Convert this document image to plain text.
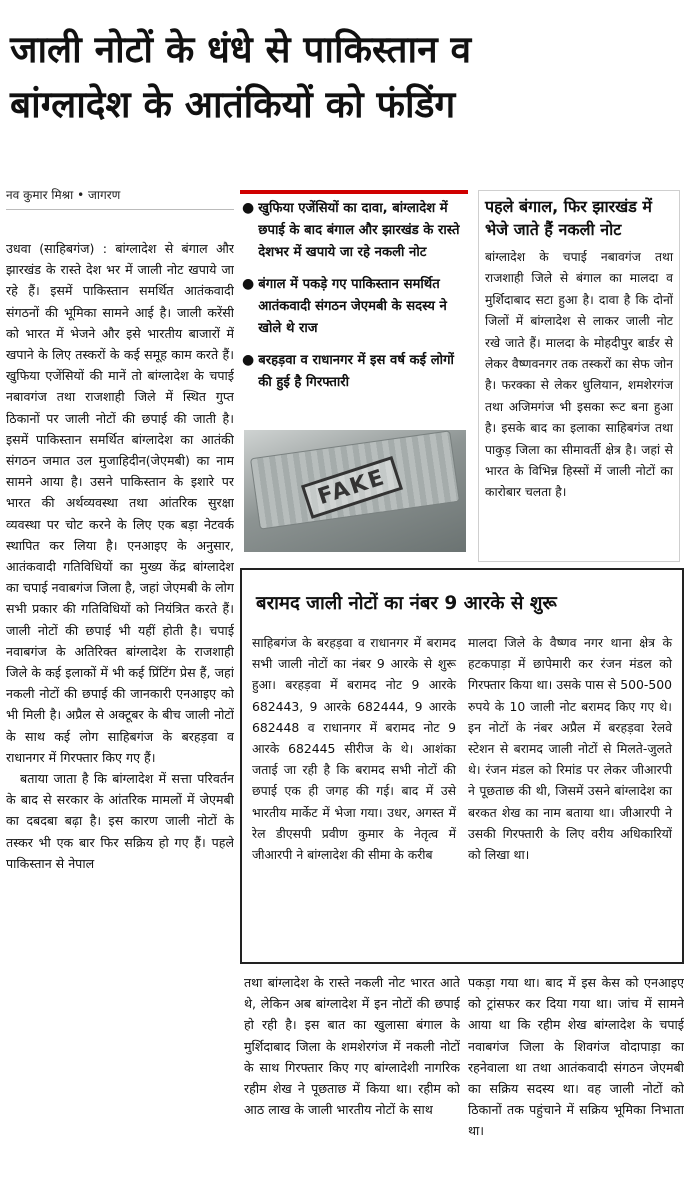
जाली नोटों के धंधे से पाकिस्तान व
बांग्लादेश के आतंकियों को फंडिंग
नव कुमार मिश्रा • जागरण

उधवा (साहिबगंज) : बांग्लादेश से बंगाल और झारखंड के रास्ते देश भर में जाली नोट खपाये जा रहे हैं। इसमें पाकिस्तान समर्थित आतंकवादी संगठनों की भूमिका सामने आई है। जाली करेंसी को भारत में भेजने और इसे भारतीय बाजारों में खपाने के लिए तस्करों के कई समूह काम करते हैं। खुफिया एजेंसियों की मानें तो बांग्लादेश के चपाई नबावगंज तथा राजशाही जिले में स्थित गुप्त ठिकानों पर जाली नोटों की छपाई की जाती है। इसमें पाकिस्तान समर्थित बांग्लादेश का आतंकी संगठन जमात उल मुजाहिदीन(जेएमबी) का नाम सामने आया है। उसने पाकिस्तान के इशारे पर भारत की अर्थव्यवस्था तथा आंतरिक सुरक्षा व्यवस्था पर चोट करने के लिए एक बड़ा नेटवर्क स्थापित कर लिया है। एनआइए के अनुसार, आतंकवादी गतिविधियों का मुख्य केंद्र बांग्लादेश का चपाई नवाबगंज जिला है, जहां जेएमबी के लोग सभी प्रकार की गतिविधियों को नियंत्रित करते हैं। जाली नोटों की छपाई भी यहीं होती है। चपाई नवाबगंज के अतिरिक्त बांग्लादेश के राजशाही जिले के कई इलाकों में भी कई प्रिंटिंग प्रेस हैं, जहां नकली नोटों की छपाई की जानकारी एनआइए को भी मिली है। अप्रैल से अक्टूबर के बीच जाली नोटों के साथ कई लोग साहिबगंज के बरहड़वा व राधानगर में गिरफ्तार किए गए हैं।

बताया जाता है कि बांग्लादेश में सत्ता परिवर्तन के बाद से सरकार के आंतरिक मामलों में जेएमबी का दबदबा बढ़ा है। इस कारण जाली नोटों के तस्कर भी एक बार फिर सक्रिय हो गए हैं। पहले पाकिस्तान से नेपाल

● खुफिया एजेंसियों का दावा, बांग्लादेश में छपाई के बाद बंगाल और झारखंड के रास्ते देशभर में खपाये जा रहे नकली नोट
● बंगाल में पकड़े गए पाकिस्तान समर्थित आतंकवादी संगठन जेएमबी के सदस्य ने खोले थे राज
● बरहड़वा व राधानगर में इस वर्ष कई लोगों की हुई है गिरफ्तारी
FAKE
पहले बंगाल, फिर झारखंड में भेजे जाते हैं नकली नोट
बांग्लादेश के चपाई नबावगंज तथा राजशाही जिले से बंगाल का मालदा व मुर्शिदाबाद सटा हुआ है। दावा है कि दोनों जिलों में बांग्लादेश से लाकर जाली नोट रखे जाते हैं। मालदा के मोहदीपुर बार्डर से लेकर वैष्णवनगर तक तस्करों का सेफ जोन है। फरक्का से लेकर धुलियान, शमशेरगंज तथा अजिमगंज भी इसका रूट बना हुआ है। इसके बाद का इलाका साहिबगंज तथा पाकुड़ जिला का सीमावर्ती क्षेत्र है। जहां से भारत के विभिन्न हिस्सों में जाली नोटों का कारोबार चलता है।
बरामद जाली नोटों का नंबर 9 आरके से शुरू
साहिबगंज के बरहड़वा व राधानगर में बरामद सभी जाली नोटों का नंबर 9 आरके से शुरू हुआ। बरहड़वा में बरामद नोट 9 आरके 682443, 9 आरके 682444, 9 आरके 682448 व राधानगर में बरामद नोट 9 आरके 682445 सीरीज के थे। आशंका जताई जा रही है कि बरामद सभी नोटों की छपाई एक ही जगह की गई। बाद में उसे भारतीय मार्केट में भेजा गया। उधर, अगस्त में रेल डीएसपी प्रवीण कुमार के नेतृत्व में जीआरपी ने बांग्लादेश की सीमा के करीब
मालदा जिले के वैष्णव नगर थाना क्षेत्र के हटकपाड़ा में छापेमारी कर रंजन मंडल को गिरफ्तार किया था। उसके पास से 500-500 रुपये के 10 जाली नोट बरामद किए गए थे। इन नोटों के नंबर अप्रैल में बरहड़वा रेलवे स्टेशन से बरामद जाली नोटों से मिलते-जुलते थे। रंजन मंडल को रिमांड पर लेकर जीआरपी ने पूछताछ की थी, जिसमें उसने बांग्लादेश का बरकत शेख का नाम बताया था। जीआरपी ने उसकी गिरफ्तारी के लिए वरीय अधिकारियों को लिखा था।
तथा बांग्लादेश के रास्ते नकली नोट भारत आते थे, लेकिन अब बांग्लादेश में इन नोटों की छपाई हो रही है। इस बात का खुलासा बंगाल के मुर्शिदाबाद जिला के शमशेरगंज में नकली नोटों के साथ गिरफ्तार किए गए बांग्लादेशी नागरिक रहीम शेख ने पूछताछ में किया था। रहीम को आठ लाख के जाली भारतीय नोटों के साथ
पकड़ा गया था। बाद में इस केस को एनआइए को ट्रांसफर कर दिया गया था। जांच में सामने आया था कि रहीम शेख बांग्लादेश के चपाई नवाबगंज जिला के शिवगंज वोदापाड़ा का रहनेवाला था तथा आतंकवादी संगठन जेएमबी का सक्रिय सदस्य था। वह जाली नोटों को ठिकानों तक पहुंचाने में सक्रिय भूमिका निभाता था।
